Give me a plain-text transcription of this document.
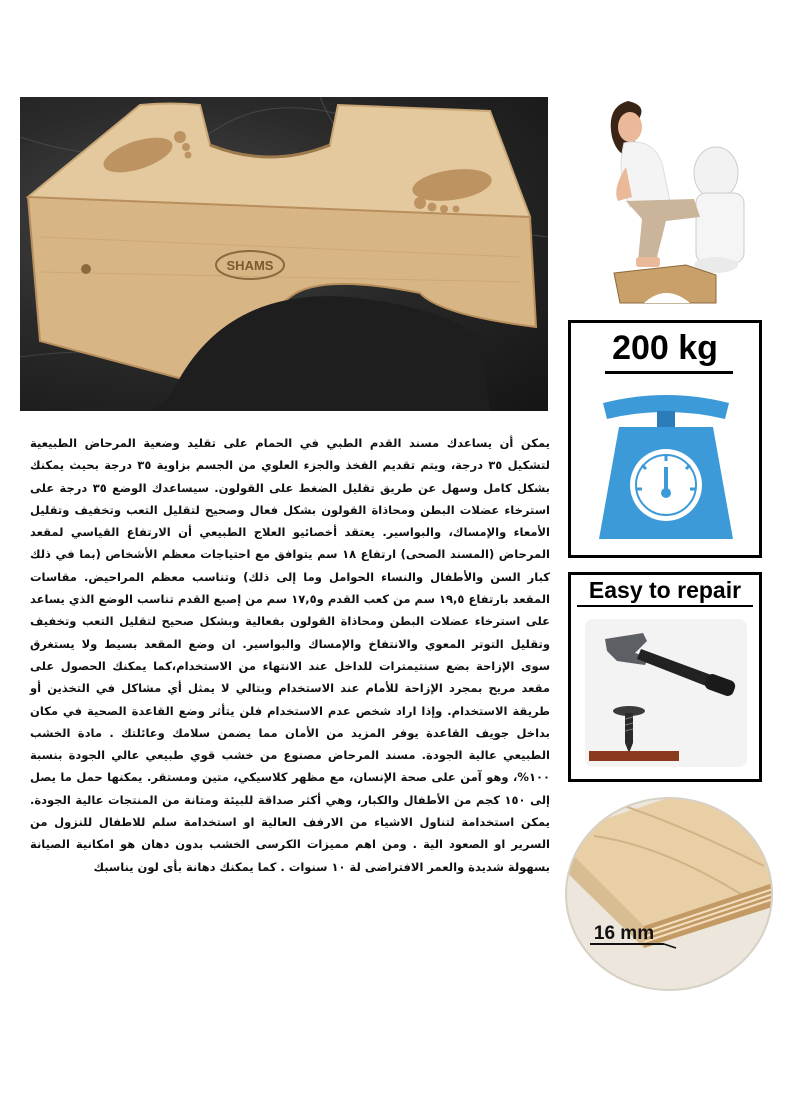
SHAMS
200 kg
Easy to repair
16 mm

يمكن أن يساعدك مسند القدم الطبي في الحمام على تقليد وضعية المرحاض الطبيعية لتشكيل ٣٥ درجة، ويتم تقديم الفخذ والجزء العلوي من الجسم بزاوية ٣٥ درجة بحيث يمكنك بشكل كامل وسهل عن طريق تقليل الضغط على القولون. سيساعدك الوضع ٣٥ درجة على استرخاء عضلات البطن ومحاذاة القولون بشكل فعال وصحيح لتقليل التعب وتخفيف وتقليل الأمعاء والإمساك، والبواسير. يعتقد أخصائيو العلاج الطبيعي أن الارتفاع القياسي لمقعد المرحاض (المسند الصحى) ارتفاع ١٨ سم يتوافق مع احتياجات معظم الأشخاص (بما في ذلك كبار السن والأطفال والنساء الحوامل وما إلى ذلك) وتناسب معظم المراحيض. مقاسات المقعد بارتفاع ١٩,٥ سم من كعب القدم و١٧,٥ سم من إصبع القدم تناسب الوضع الذي يساعد على استرخاء عضلات البطن ومحاذاة القولون بفعالية وبشكل صحيح لتقليل التعب وتخفيف وتقليل التوتر المعوي والانتفاخ والإمساك والبواسير. ان وضع المقعد بسيط ولا يستغرق سوى الإزاحة بضع سنتيمترات للداخل عند الانتهاء من الاستخدام،كما يمكنك الحصول على مقعد مريح بمجرد الإزاحة للأمام عند الاستخدام وبتالي لا يمثل أي مشاكل في التخذين أو طريقة الاستخدام. وإذا اراد شخص عدم الاستخدام فلن يتأثر وضع القاعدة الصحية في مكان بداخل جويف القاعدة يوفر المزيد من الأمان مما يضمن سلامك وعائلتك . مادة الخشب الطبيعي عالية الجودة. مسند المرحاض مصنوع من خشب قوي طبيعي عالي الجودة بنسبة ١٠٠%، وهو آمن على صحة الإنسان، مع مظهر كلاسيكي، متين ومستقر. يمكنها حمل ما يصل إلى ١٥٠ كجم من الأطفال والكبار، وهي أكثر صداقة للبيئة ومتانة من المنتجات عالية الجودة. يمكن استخدامة لتناول الاشياء من الارفف العالية او استخدامة سلم للاطفال للنزول من السرير او الصعود الية . ومن اهم مميزات الكرسى الخشب بدون دهان هو امكانية الصيانة بسهولة شديدة والعمر الافتراضى لة ١٠ سنوات . كما يمكنك دهانة بأى لون يناسبك
